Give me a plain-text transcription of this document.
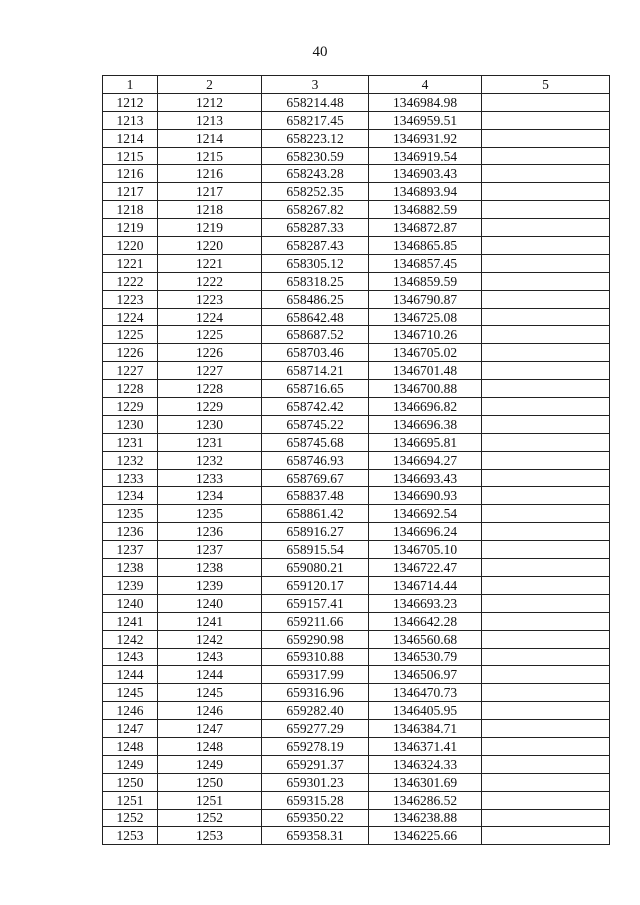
40
1	2	3	4	5
1212	1212	658214.48	1346984.98	
1213	1213	658217.45	1346959.51	
1214	1214	658223.12	1346931.92	
1215	1215	658230.59	1346919.54	
1216	1216	658243.28	1346903.43	
1217	1217	658252.35	1346893.94	
1218	1218	658267.82	1346882.59	
1219	1219	658287.33	1346872.87	
1220	1220	658287.43	1346865.85	
1221	1221	658305.12	1346857.45	
1222	1222	658318.25	1346859.59	
1223	1223	658486.25	1346790.87	
1224	1224	658642.48	1346725.08	
1225	1225	658687.52	1346710.26	
1226	1226	658703.46	1346705.02	
1227	1227	658714.21	1346701.48	
1228	1228	658716.65	1346700.88	
1229	1229	658742.42	1346696.82	
1230	1230	658745.22	1346696.38	
1231	1231	658745.68	1346695.81	
1232	1232	658746.93	1346694.27	
1233	1233	658769.67	1346693.43	
1234	1234	658837.48	1346690.93	
1235	1235	658861.42	1346692.54	
1236	1236	658916.27	1346696.24	
1237	1237	658915.54	1346705.10	
1238	1238	659080.21	1346722.47	
1239	1239	659120.17	1346714.44	
1240	1240	659157.41	1346693.23	
1241	1241	659211.66	1346642.28	
1242	1242	659290.98	1346560.68	
1243	1243	659310.88	1346530.79	
1244	1244	659317.99	1346506.97	
1245	1245	659316.96	1346470.73	
1246	1246	659282.40	1346405.95	
1247	1247	659277.29	1346384.71	
1248	1248	659278.19	1346371.41	
1249	1249	659291.37	1346324.33	
1250	1250	659301.23	1346301.69	
1251	1251	659315.28	1346286.52	
1252	1252	659350.22	1346238.88	
1253	1253	659358.31	1346225.66	
